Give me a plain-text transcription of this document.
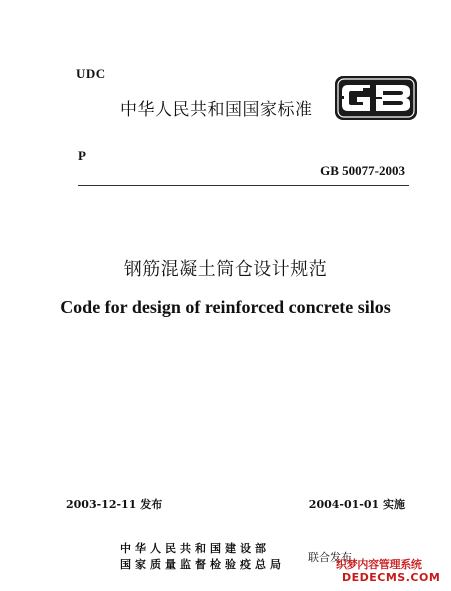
UDC
中华人民共和国国家标准
P
GB 50077-2003
钢筋混凝土筒仓设计规范
Code for design of reinforced concrete silos
2003-12-11 发布	2004-01-01 实施
中华人民共和国建设部
国家质量监督检验疫总局
联合发布
织梦内容管理系统
DEDECMS.COM
